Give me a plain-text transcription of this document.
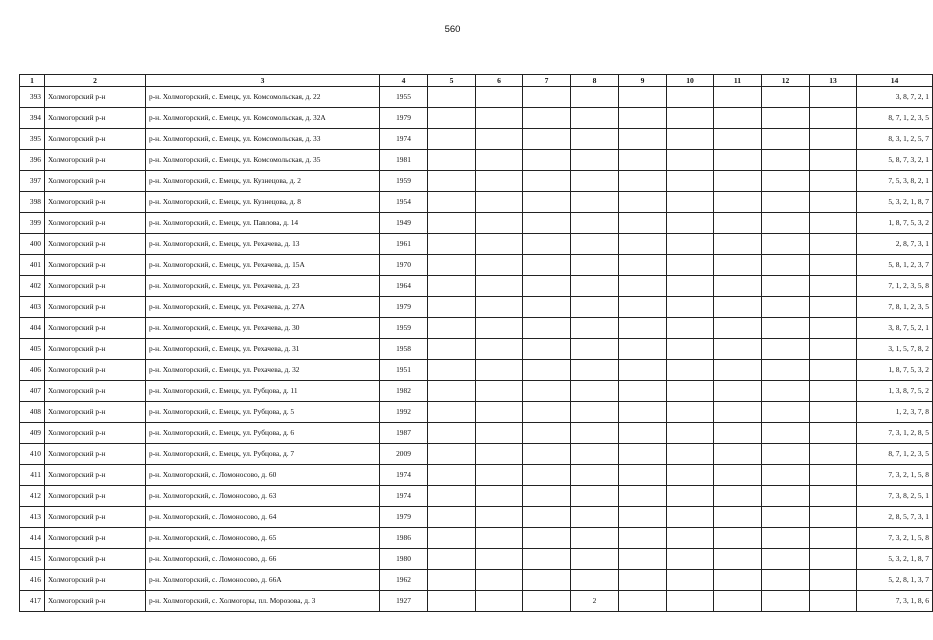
560
1	2	3	4	5	6	7	8	9	10	11	12	13	14
393	Холмогорский р-н	р-н. Холмогорский, с. Емецк, ул. Комсомольская, д. 22	1955										3, 8, 7, 2, 1
394	Холмогорский р-н	р-н. Холмогорский, с. Емецк, ул. Комсомольская, д. 32А	1979										8, 7, 1, 2, 3, 5
395	Холмогорский р-н	р-н. Холмогорский, с. Емецк, ул. Комсомольская, д. 33	1974										8, 3, 1, 2, 5, 7
396	Холмогорский р-н	р-н. Холмогорский, с. Емецк, ул. Комсомольская, д. 35	1981										5, 8, 7, 3, 2, 1
397	Холмогорский р-н	р-н. Холмогорский, с. Емецк, ул. Кузнецова, д. 2	1959										7, 5, 3, 8, 2, 1
398	Холмогорский р-н	р-н. Холмогорский, с. Емецк, ул. Кузнецова, д. 8	1954										5, 3, 2, 1, 8, 7
399	Холмогорский р-н	р-н. Холмогорский, с. Емецк, ул. Павлова, д. 14	1949										1, 8, 7, 5, 3, 2
400	Холмогорский р-н	р-н. Холмогорский, с. Емецк, ул. Рехачева, д. 13	1961										2, 8, 7, 3, 1
401	Холмогорский р-н	р-н. Холмогорский, с. Емецк, ул. Рехачева, д. 15А	1970										5, 8, 1, 2, 3, 7
402	Холмогорский р-н	р-н. Холмогорский, с. Емецк, ул. Рехачева, д. 23	1964										7, 1, 2, 3, 5, 8
403	Холмогорский р-н	р-н. Холмогорский, с. Емецк, ул. Рехачева, д. 27А	1979										7, 8, 1, 2, 3, 5
404	Холмогорский р-н	р-н. Холмогорский, с. Емецк, ул. Рехачева, д. 30	1959										3, 8, 7, 5, 2, 1
405	Холмогорский р-н	р-н. Холмогорский, с. Емецк, ул. Рехачева, д. 31	1958										3, 1, 5, 7, 8, 2
406	Холмогорский р-н	р-н. Холмогорский, с. Емецк, ул. Рехачева, д. 32	1951										1, 8, 7, 5, 3, 2
407	Холмогорский р-н	р-н. Холмогорский, с. Емецк, ул. Рубцова, д. 11	1982										1, 3, 8, 7, 5, 2
408	Холмогорский р-н	р-н. Холмогорский, с. Емецк, ул. Рубцова, д. 5	1992										1, 2, 3, 7, 8
409	Холмогорский р-н	р-н. Холмогорский, с. Емецк, ул. Рубцова, д. 6	1987										7, 3, 1, 2, 8, 5
410	Холмогорский р-н	р-н. Холмогорский, с. Емецк, ул. Рубцова, д. 7	2009										8, 7, 1, 2, 3, 5
411	Холмогорский р-н	р-н. Холмогорский, с. Ломоносово, д. 60	1974										7, 3, 2, 1, 5, 8
412	Холмогорский р-н	р-н. Холмогорский, с. Ломоносово, д. 63	1974										7, 3, 8, 2, 5, 1
413	Холмогорский р-н	р-н. Холмогорский, с. Ломоносово, д. 64	1979										2, 8, 5, 7, 3, 1
414	Холмогорский р-н	р-н. Холмогорский, с. Ломоносово, д. 65	1986										7, 3, 2, 1, 5, 8
415	Холмогорский р-н	р-н. Холмогорский, с. Ломоносово, д. 66	1980										5, 3, 2, 1, 8, 7
416	Холмогорский р-н	р-н. Холмогорский, с. Ломоносово, д. 66А	1962										5, 2, 8, 1, 3, 7
417	Холмогорский р-н	р-н. Холмогорский, с. Холмогоры, пл. Морозова, д. 3	1927				2						7, 3, 1, 8, 6
